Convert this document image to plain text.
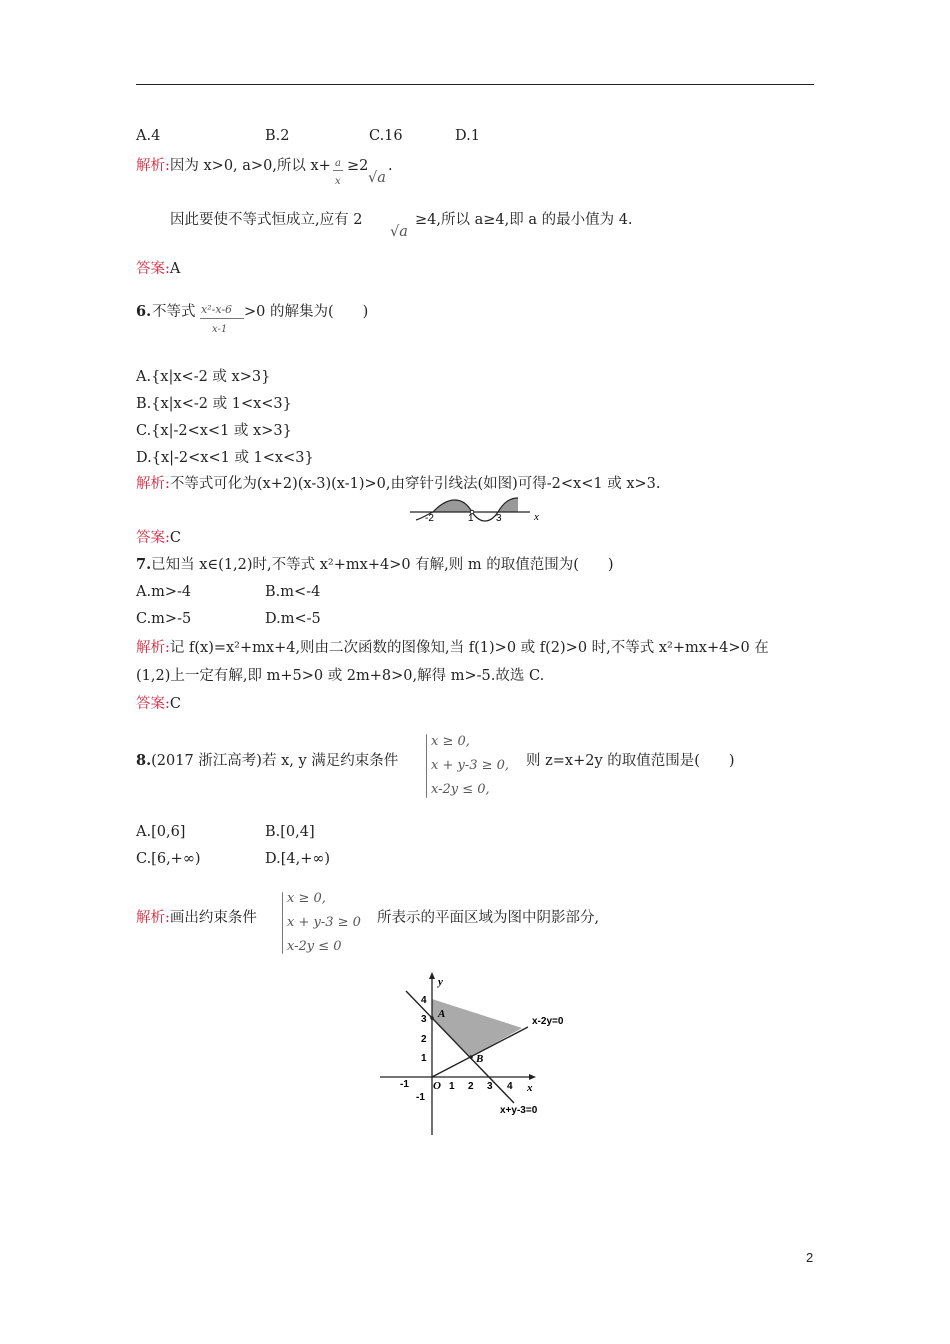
A.4	B.2	C.16	D.1
解析:因为 x>0, a>0,所以 x+ a
x
≥2
√a
.
因此要使不等式恒成立,应有 2
√a
≥4,所以 a≥4,即 a 的最小值为 4.
答案:A
6. 不等式 x²-x-6
x-1
>0 的解集为(　　)
A.{x|x<-2 或 x>3}
B.{x|x<-2 或 1<x<3}
C.{x|-2<x<1 或 x>3}
D.{x|-2<x<1 或 1<x<3}
解析:不等式可化为(x+2)(x-3)(x-1)>0,由穿针引线法(如图)可得-2<x<1 或 x>3.
-2	1 3	x
答案:C
7.已知当 x∈(1,2)时,不等式 x²+mx+4>0 有解,则 m 的取值范围为(　　)
A.m>-4	B.m<-4
C.m>-5	D.m<-5
解析:记 f(x)=x²+mx+4,则由二次函数的图像知,当 f(1)>0 或 f(2)>0 时,不等式 x²+mx+4>0 在
(1,2)上一定有解,即 m+5>0 或 2m+8>0,解得 m>-5.故选 C.
答案:C
8.(2017 浙江高考)若 x, y 满足约束条件
x ≥ 0,
x + y-3 ≥ 0,
x-2y ≤ 0,
则 z=x+2y 的取值范围是(　　)
A.[0,6]	B.[0,4]
C.[6,+∞)	D.[4,+∞)
解析:画出约束条件
x ≥ 0,
x + y-3 ≥ 0
x-2y ≤ 0
所表示的平面区域为图中阴影部分,
y
x
O
-1	1 2 3 4
4
3
2
1
-1
A
B
x-2y=0
x+y-3=0
2
